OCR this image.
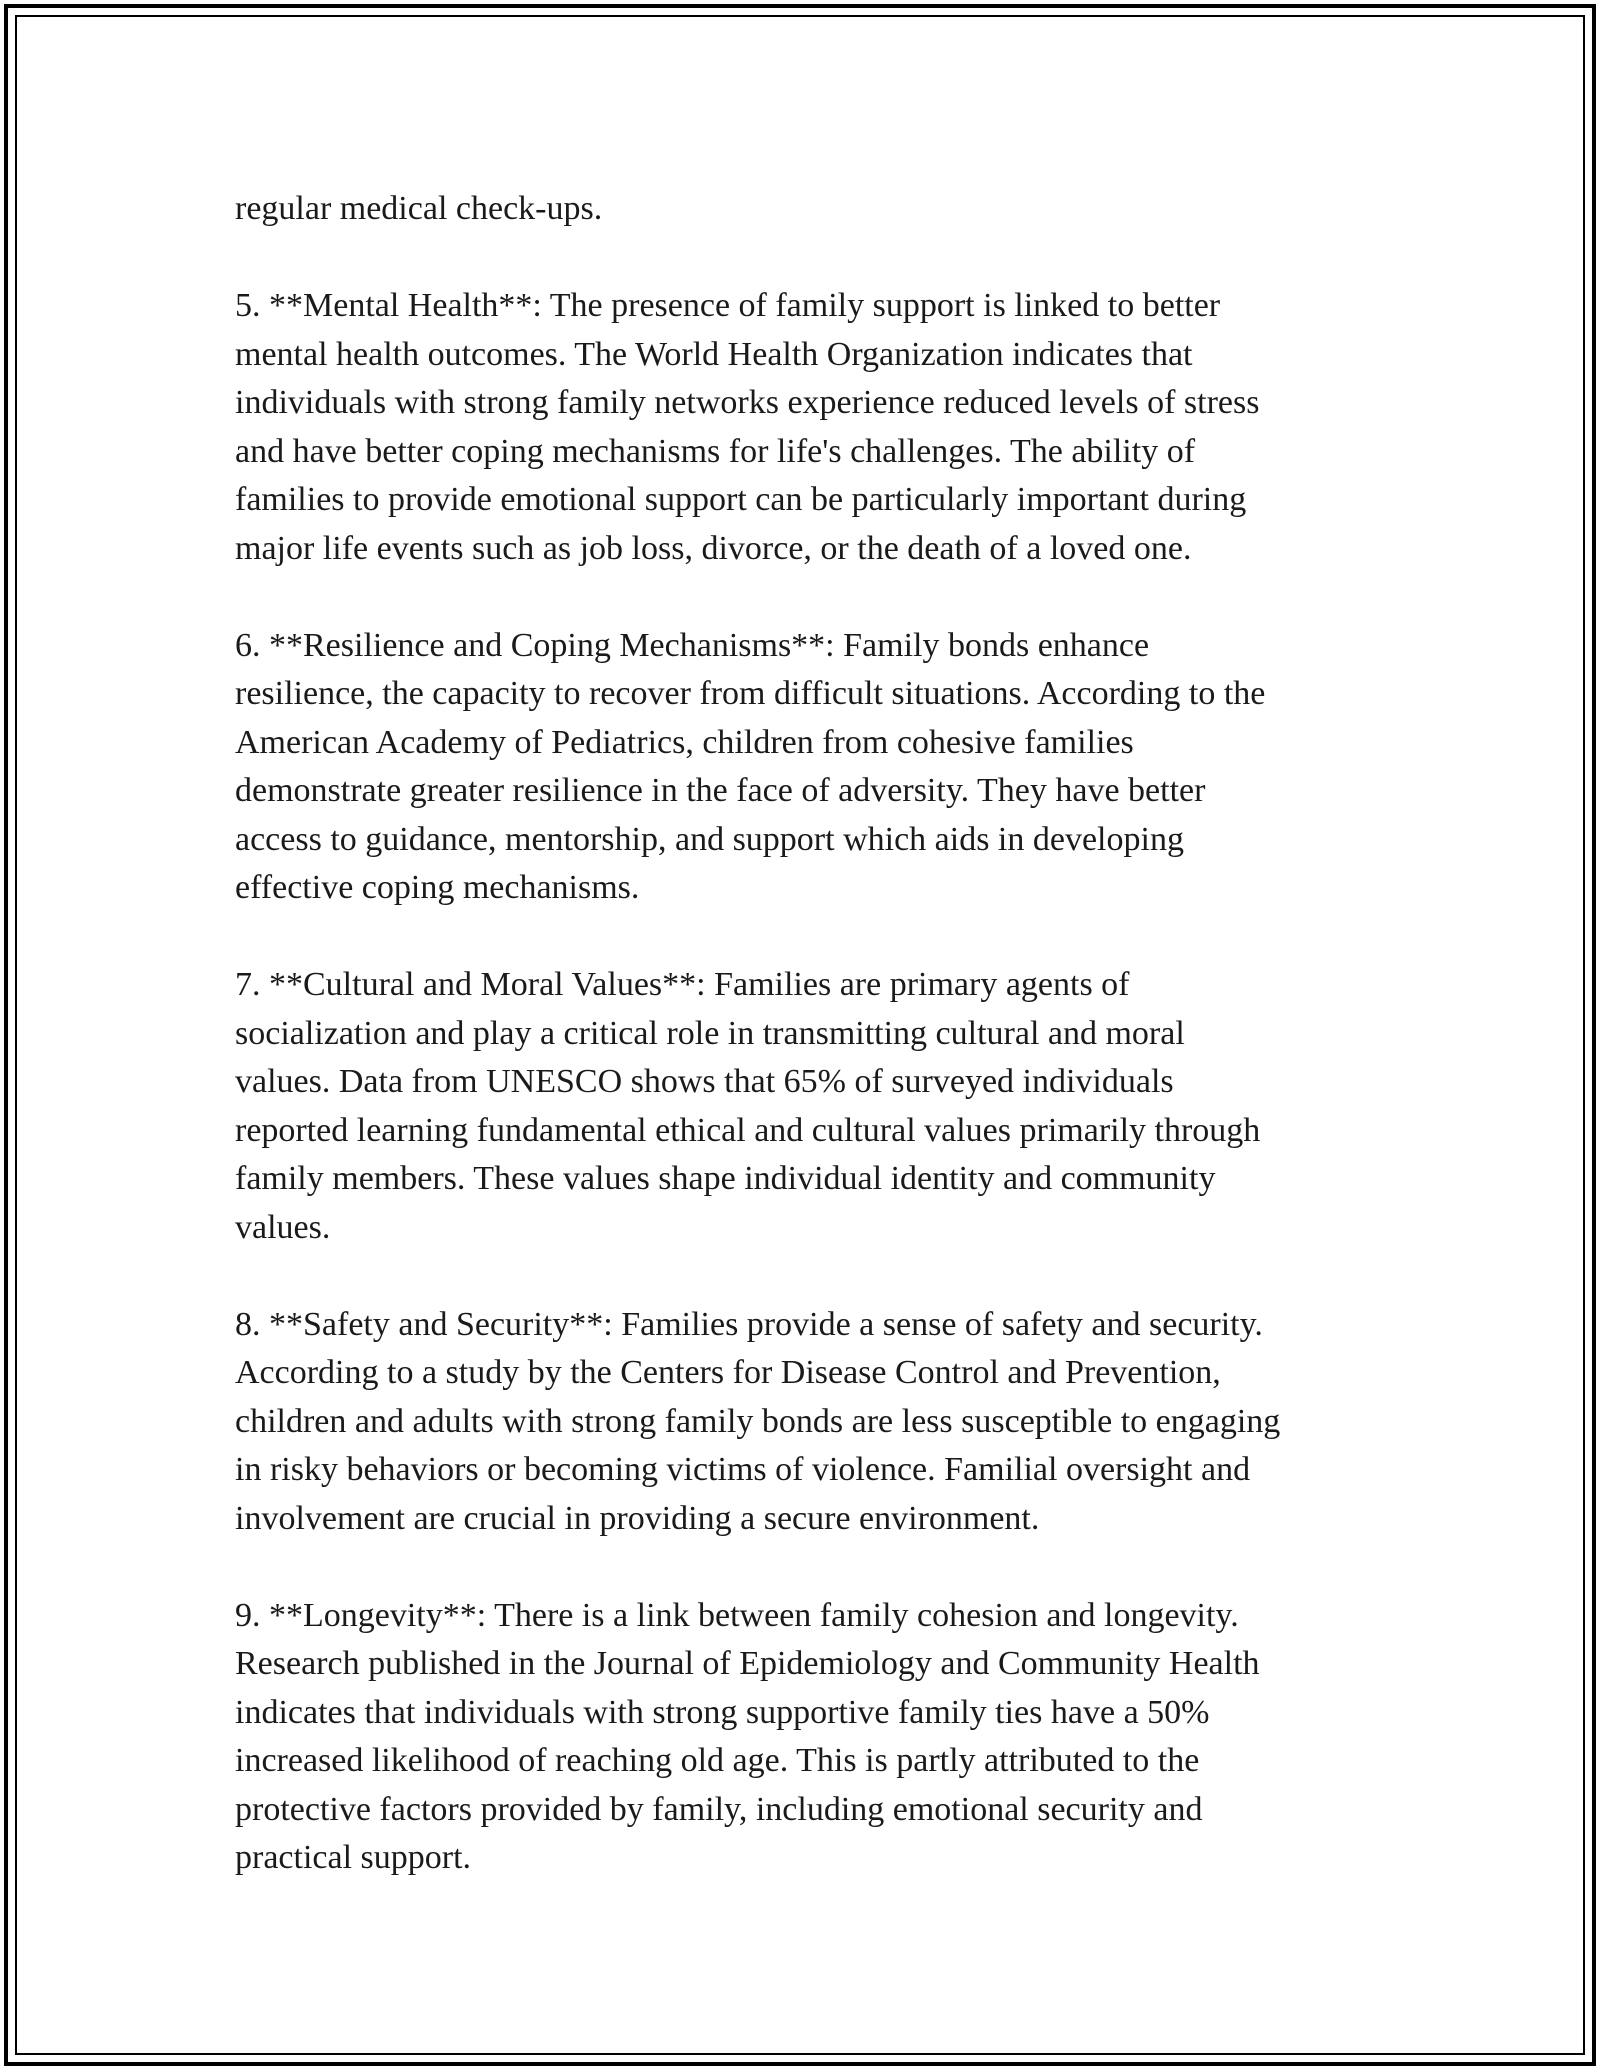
regular medical check-ups.

5. **Mental Health**: The presence of family support is linked to better
mental health outcomes. The World Health Organization indicates that
individuals with strong family networks experience reduced levels of stress
and have better coping mechanisms for life's challenges. The ability of
families to provide emotional support can be particularly important during
major life events such as job loss, divorce, or the death of a loved one.

6. **Resilience and Coping Mechanisms**: Family bonds enhance
resilience, the capacity to recover from difficult situations. According to the
American Academy of Pediatrics, children from cohesive families
demonstrate greater resilience in the face of adversity. They have better
access to guidance, mentorship, and support which aids in developing
effective coping mechanisms.

7. **Cultural and Moral Values**: Families are primary agents of
socialization and play a critical role in transmitting cultural and moral
values. Data from UNESCO shows that 65% of surveyed individuals
reported learning fundamental ethical and cultural values primarily through
family members. These values shape individual identity and community
values.

8. **Safety and Security**: Families provide a sense of safety and security.
According to a study by the Centers for Disease Control and Prevention,
children and adults with strong family bonds are less susceptible to engaging
in risky behaviors or becoming victims of violence. Familial oversight and
involvement are crucial in providing a secure environment.

9. **Longevity**: There is a link between family cohesion and longevity.
Research published in the Journal of Epidemiology and Community Health
indicates that individuals with strong supportive family ties have a 50%
increased likelihood of reaching old age. This is partly attributed to the
protective factors provided by family, including emotional security and
practical support.
